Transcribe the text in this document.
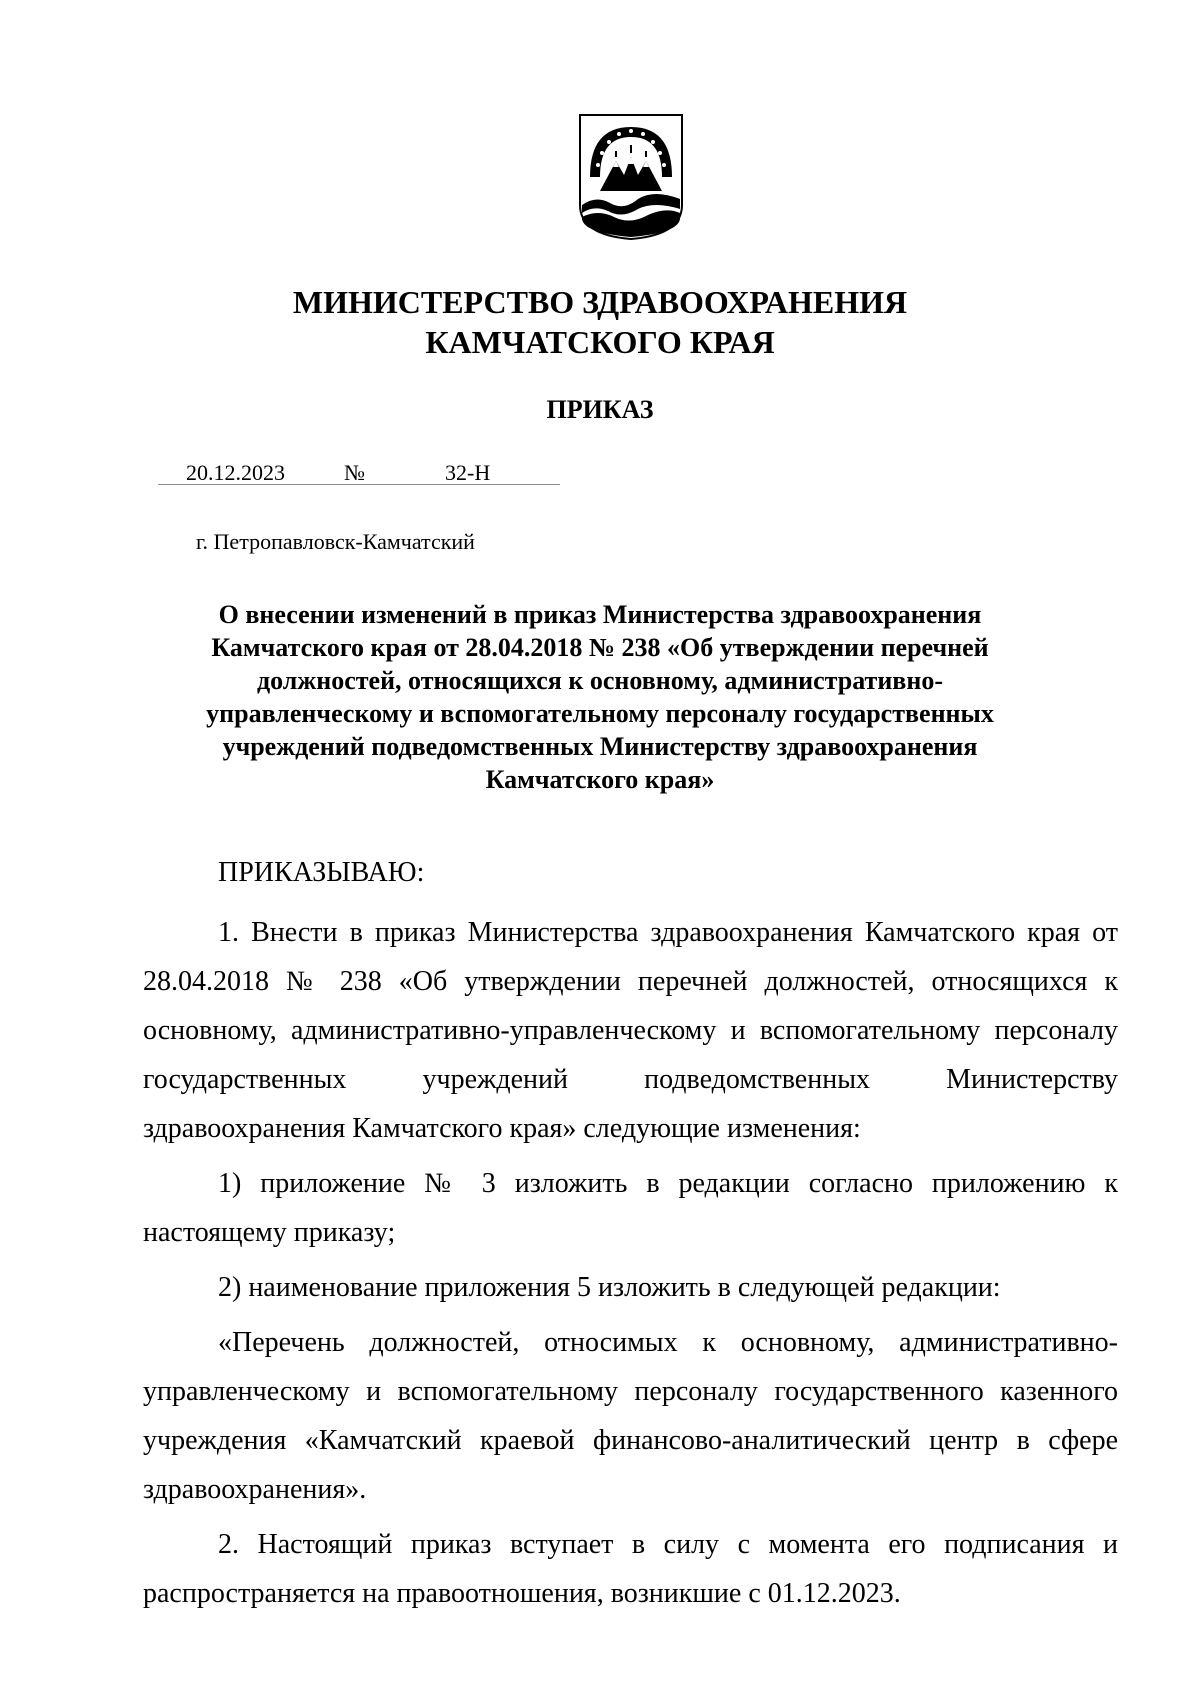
МИНИСТЕРСТВО ЗДРАВООХРАНЕНИЯ
КАМЧАТСКОГО КРАЯ
ПРИКАЗ
20.12.2023	№	32-Н
г. Петропавловск-Камчатский
О внесении изменений в приказ Министерства здравоохранения
Камчатского края от 28.04.2018 № 238 «Об утверждении перечней
должностей, относящихся к основному, административно-
управленческому и вспомогательному персоналу государственных
учреждений подведомственных Министерству здравоохранения
Камчатского края»
ПРИКАЗЫВАЮ:

1. Внести в приказ Министерства здравоохранения Камчатского края от 28.04.2018 № 238 «Об утверждении перечней должностей, относящихся к основному, административно-управленческому и вспомогательному персоналу государственных учреждений подведомственных Министерству здравоохранения Камчатского края» следующие изменения:

1) приложение № 3 изложить в редакции согласно приложению к настоящему приказу;

2) наименование приложения 5 изложить в следующей редакции:

«Перечень должностей, относимых к основному, административно-управленческому и вспомогательному персоналу государственного казенного учреждения «Камчатский краевой финансово-аналитический центр в сфере здравоохранения».

2. Настоящий приказ вступает в силу с момента его подписания и распространяется на правоотношения, возникшие с 01.12.2023.
